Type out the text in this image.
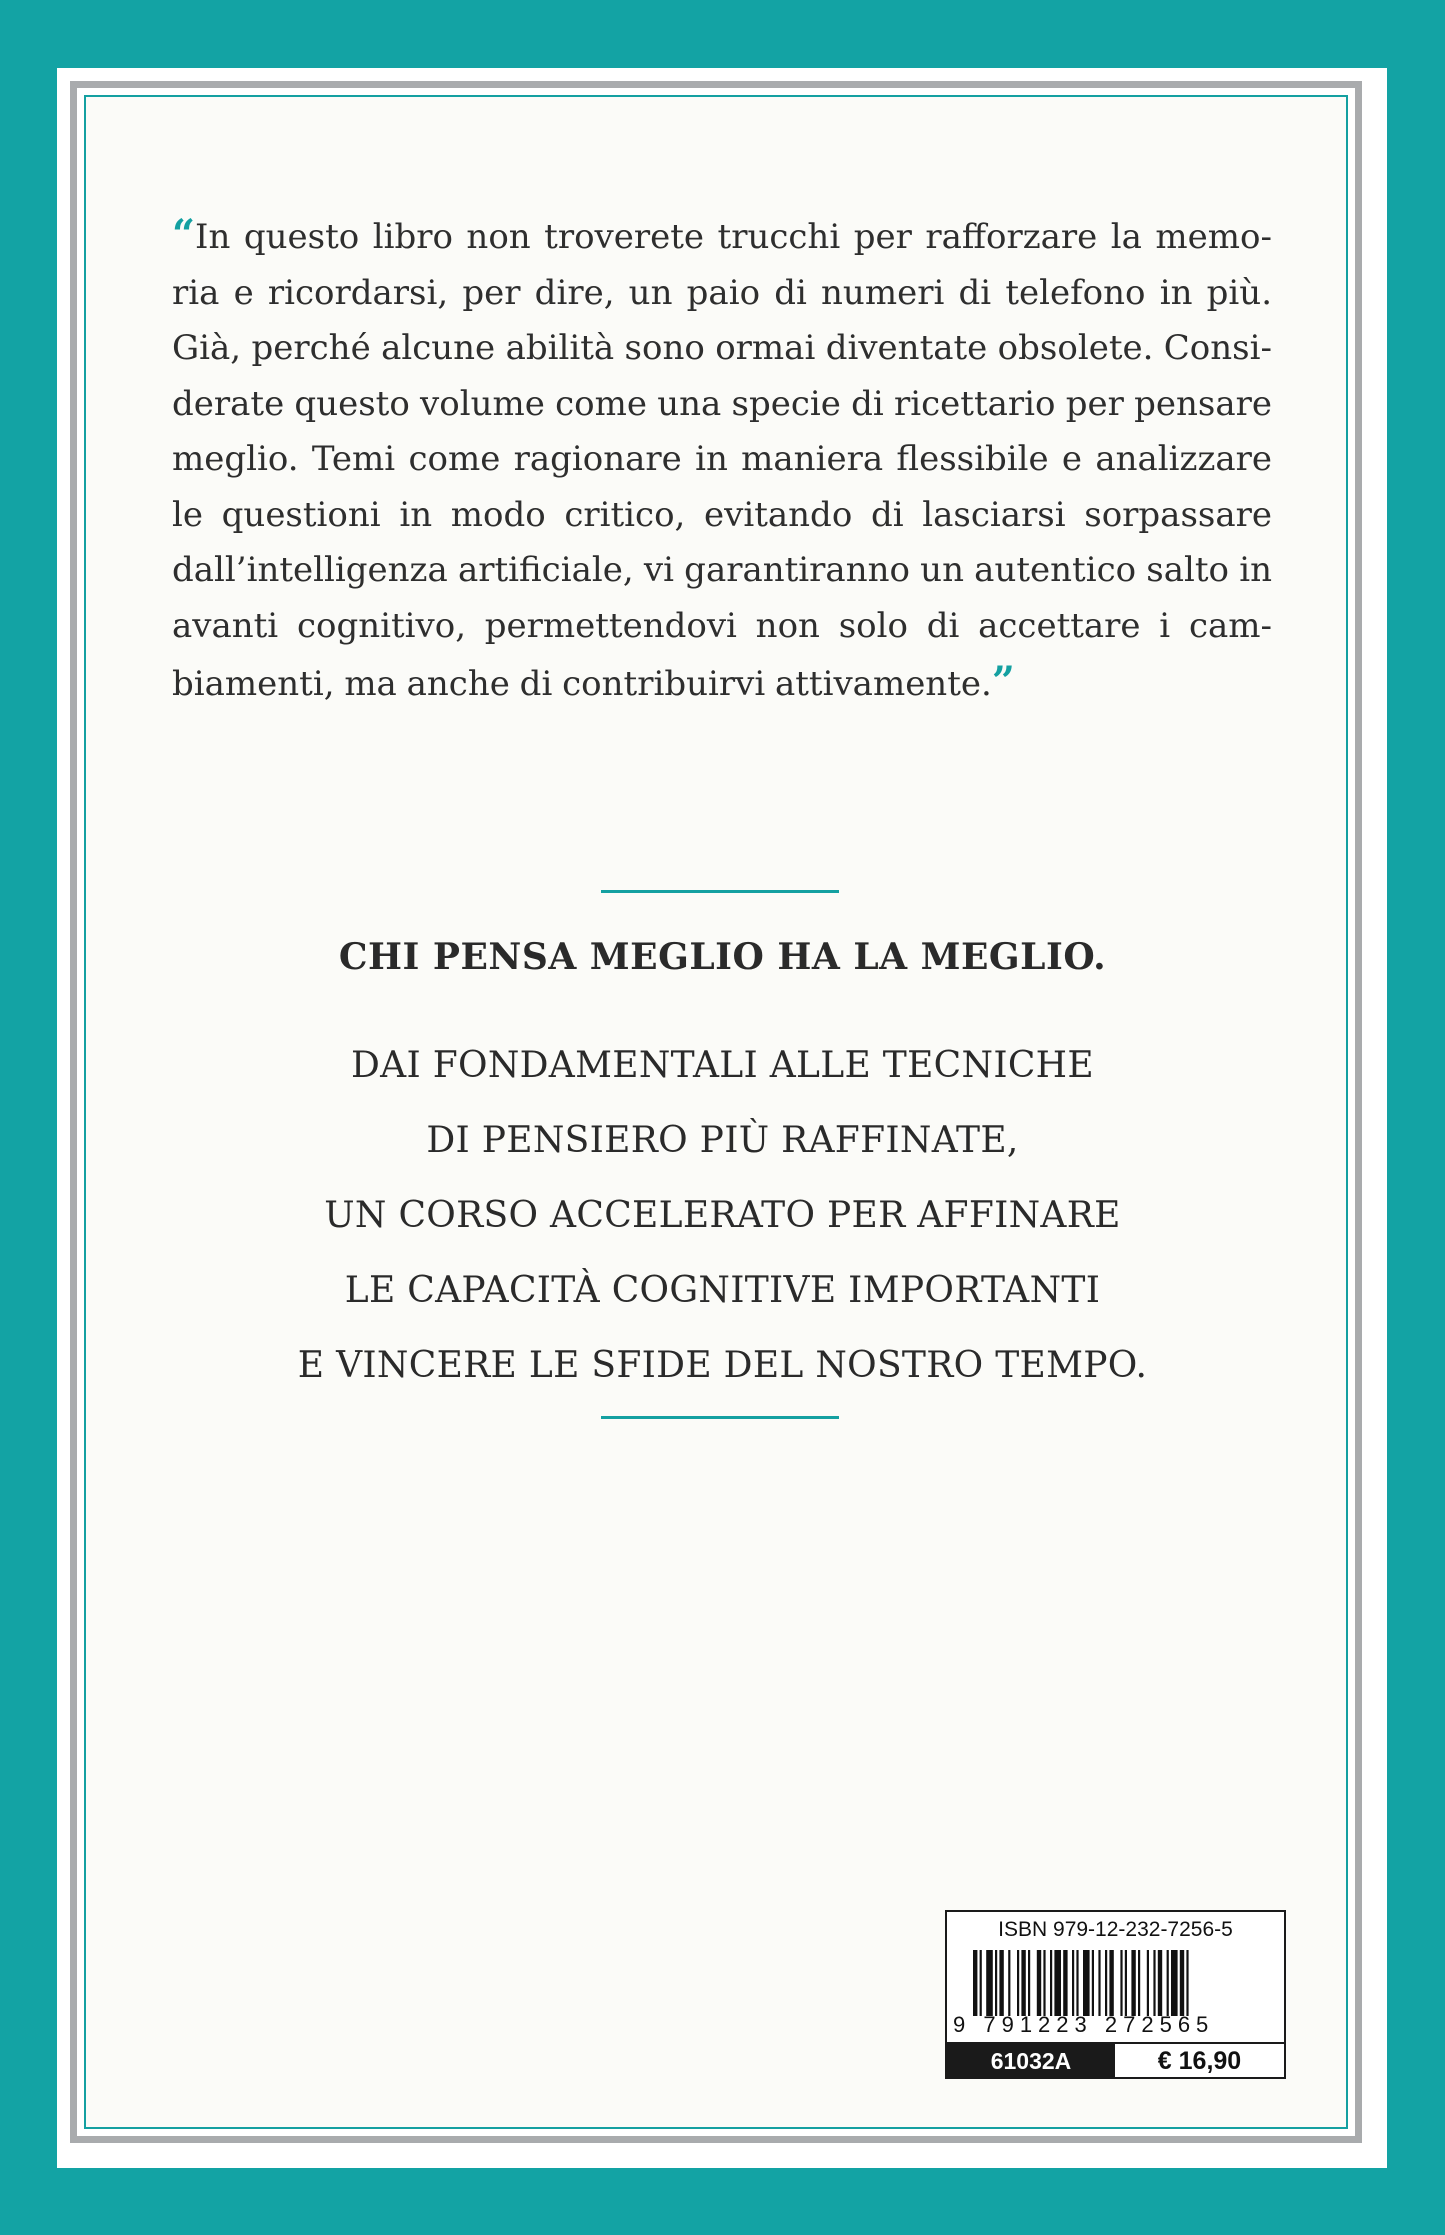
“In questo libro non troverete trucchi per rafforzare la memoria e ricordarsi, per dire, un paio di numeri di telefono in più. Già, perché alcune abilità sono ormai diventate obsolete. Considerate questo volume come una specie di ricettario per pensare meglio. Temi come ragionare in maniera flessibile e analizzare le questioni in modo critico, evitando di lasciarsi sorpassare dall’intelligenza artificiale, vi garantiranno un autentico salto in avanti cognitivo, permettendovi non solo di accettare i cambiamenti, ma anche di contribuirvi attivamente.”

CHI PENSA MEGLIO HA LA MEGLIO.
DAI FONDAMENTALI ALLE TECNICHE
DI PENSIERO PIÙ RAFFINATE,
UN CORSO ACCELERATO PER AFFINARE
LE CAPACITÀ COGNITIVE IMPORTANTI
E VINCERE LE SFIDE DEL NOSTRO TEMPO.
ISBN 979-12-232-7256-5
9 791223 272565
61032A	€ 16,90
